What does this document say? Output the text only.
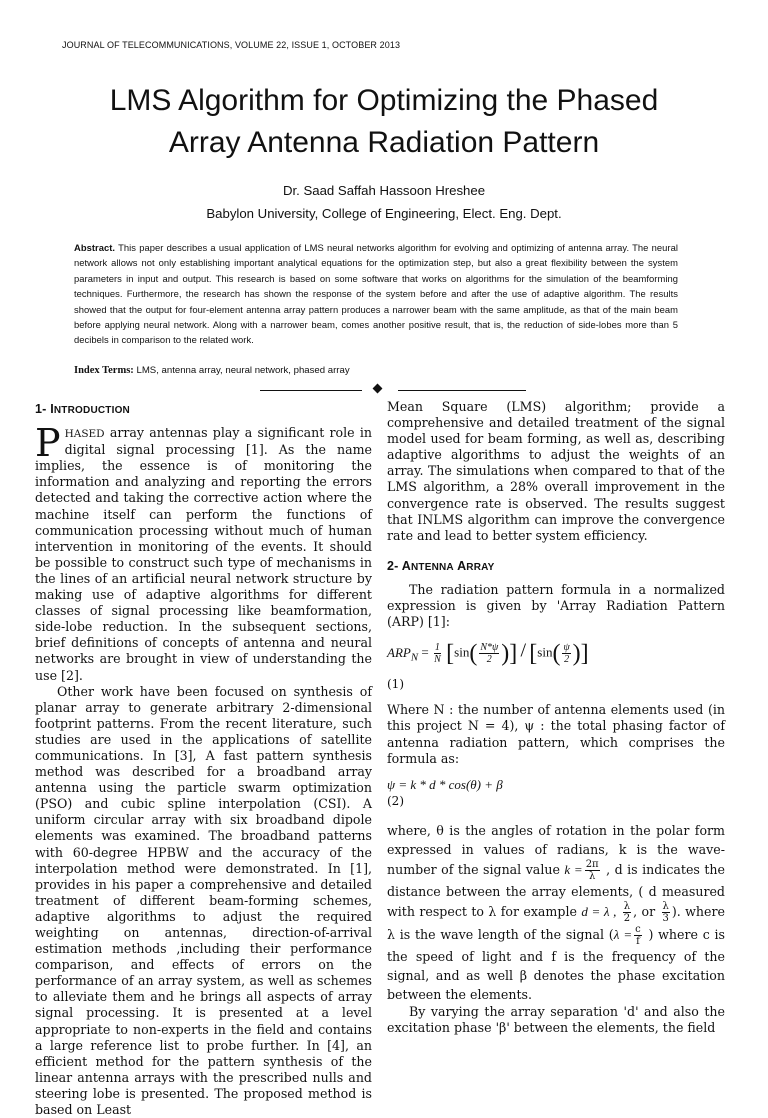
JOURNAL OF TELECOMMUNICATIONS, VOLUME 22, ISSUE 1, OCTOBER 2013
LMS Algorithm for Optimizing the Phased
Array Antenna Radiation Pattern
Dr. Saad Saffah Hassoon Hreshee
Babylon University, College of Engineering, Elect. Eng. Dept.
Abstract. This paper describes a usual application of LMS neural networks algorithm for evolving and optimizing of antenna array. The neural network allows not only establishing important analytical equations for the optimization step, but also a great flexibility between the system parameters in input and output. This research is based on some software that works on algorithms for the simulation of the beamforming techniques. Furthermore, the research has shown the response of the system before and after the use of adaptive algorithm. The results showed that the output for four-element antenna array pattern produces a narrower beam with the same amplitude, as that of the main beam before applying neural network. Along with a narrower beam, comes another positive result, that is, the reduction of side-lobes more than 5 decibels in comparison to the related work.
Index Terms: LMS, antenna array, neural network, phased array
1- INTRODUCTION

PHASED array antennas play a significant role in digital signal processing [1]. As the name implies, the essence is of monitoring the information and analyzing and reporting the errors detected and taking the corrective action where the machine itself can perform the functions of communication processing without much of human intervention in monitoring of the events. It should be possible to construct such type of mechanisms in the lines of an artificial neural network structure by making use of adaptive algorithms for different classes of signal processing like beamformation, side-lobe reduction. In the subsequent sections, brief definitions of concepts of antenna and neural networks are brought in view of understanding the use [2].

Other work have been focused on synthesis of planar array to generate arbitrary 2-dimensional footprint patterns. From the recent literature, such studies are used in the applications of satellite communications. In [3], A fast pattern synthesis method was described for a broadband array antenna using the particle swarm optimization (PSO) and cubic spline interpolation (CSI). A uniform circular array with six broadband dipole elements was examined. The broadband patterns with 60-degree HPBW and the accuracy of the interpolation method were demonstrated. In [1], provides in his paper a comprehensive and detailed treatment of different beam-forming schemes, adaptive algorithms to adjust the required weighting on antennas, direction-of-arrival estimation methods ,including their performance comparison, and effects of errors on the performance of an array system, as well as schemes to alleviate them and he brings all aspects of array signal processing. It is presented at a level appropriate to non-experts in the field and contains a large reference list to probe further. In [4], an efficient method for the pattern synthesis of the linear antenna arrays with the prescribed nulls and steering lobe is presented. The proposed method is based on Least

Mean Square (LMS) algorithm; provide a comprehensive and detailed treatment of the signal model used for beam forming, as well as, describing adaptive algorithms to adjust the weights of an array. The simulations when compared to that of the LMS algorithm, a 28% overall improvement in the convergence rate is observed. The results suggest that INLMS algorithm can improve the convergence rate and lead to better system efficiency.

2- ANTENNA ARRAY

The radiation pattern formula in a normalized expression is given by 'Array Radiation Pattern (ARP) [1]:

$ARP_N = \frac{1}{N} [\sin( \frac{N*\psi}{2}$ )] / [$\sin( \frac{\psi}{2}$ )]
(1)

Where N : the number of antenna elements used (in this project N = 4), ψ : the total phasing factor of antenna radiation pattern, which comprises the formula as:

ψ = k * d * cos(θ) + β
(2)

where, θ is the angles of rotation in the polar form expressed in values of radians, k is the wave-number of the signal value $k = \frac{2\pi}{\lambda}$ , d is indicates the distance between the array elements, ( d measured with respect to λ for example d = λ , $\frac{\lambda}{2}$ , or $\frac{\lambda}{3}$ ). where λ is the wave length of the signal ($\lambda = \frac{c}{f}$ ) where c is the speed of light and f is the frequency of the signal, and as well β denotes the phase excitation between the elements.

By varying the array separation 'd' and also the excitation phase 'β' between the elements, the field
